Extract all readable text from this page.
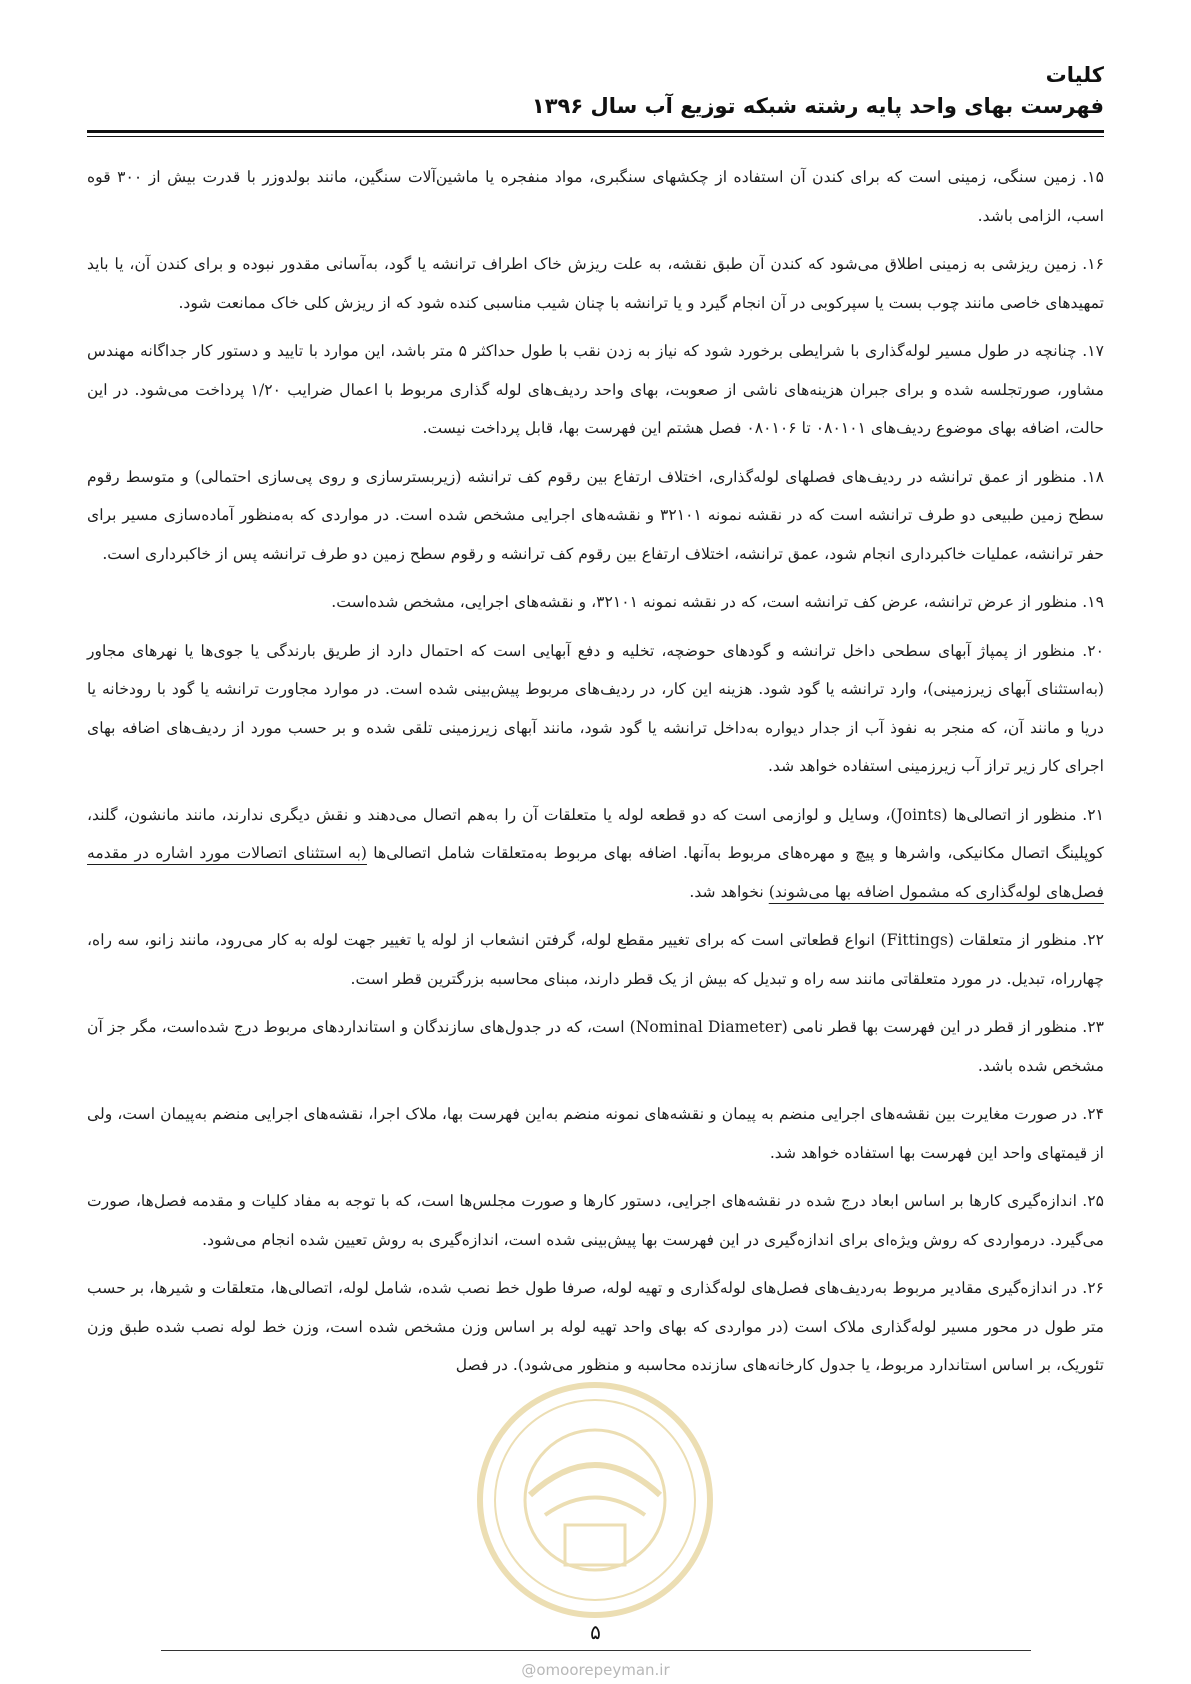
کلیات
فهرست بهای واحد پایه رشته شبکه توزیع آب سال ۱۳۹۶

۱۵. زمین سنگی، زمینی است که برای کندن آن استفاده از چکشهای سنگبری، مواد منفجره یا ماشین‌آلات سنگین، مانند بولدوزر با قدرت بیش از ۳۰۰ قوه اسب، الزامی باشد.

۱۶. زمین ریزشی به زمینی اطلاق می‌شود که کندن آن طبق نقشه، به علت ریزش خاک اطراف ترانشه یا گود، به‌آسانی مقدور نبوده و برای کندن آن، یا باید تمهیدهای خاصی مانند چوب بست یا سپرکوبی در آن انجام گیرد و یا ترانشه با چنان شیب مناسبی کنده شود که از ریزش کلی خاک ممانعت شود.

۱۷. چنانچه در طول مسیر لوله‌گذاری با شرایطی برخورد شود که نیاز به زدن نقب با طول حداکثر ۵ متر باشد، این موارد با تایید و دستور کار جداگانه مهندس مشاور، صورتجلسه شده و برای جبران هزینه‌های ناشی از صعوبت، بهای واحد ردیف‌های لوله گذاری مربوط با اعمال ضرایب ۱/۲۰ پرداخت می‌شود. در این حالت، اضافه بهای موضوع ردیف‌های ۰۸۰۱۰۱ تا ۰۸۰۱۰۶ فصل هشتم این فهرست بها، قابل پرداخت نیست.

۱۸. منظور از عمق ترانشه در ردیف‌های فصلهای لوله‌گذاری، اختلاف ارتفاع بین رقوم کف ترانشه (زیربسترسازی و روی پی‌سازی احتمالی) و متوسط رقوم سطح زمین طبیعی دو طرف ترانشه است که در نقشه نمونه ۳۲۱۰۱ و نقشه‌های اجرایی مشخص شده است. در مواردی که به‌منظور آماده‌سازی مسیر برای حفر ترانشه، عملیات خاکبرداری انجام شود، عمق ترانشه، اختلاف ارتفاع بین رقوم کف ترانشه و رقوم سطح زمین دو طرف ترانشه پس از خاکبرداری است.

۱۹. منظور از عرض ترانشه، عرض کف ترانشه است، که در نقشه نمونه ۳۲۱۰۱، و نقشه‌های اجرایی، مشخص شده‌است.

۲۰. منظور از پمپاژ آبهای سطحی داخل ترانشه و گودهای حوضچه، تخلیه و دفع آبهایی است که احتمال دارد از طریق بارندگی یا جوی‌ها یا نهرهای مجاور (به‌استثنای آبهای زیرزمینی)، وارد ترانشه یا گود شود. هزینه این کار، در ردیف‌های مربوط پیش‌بینی شده است. در موارد مجاورت ترانشه یا گود با رودخانه یا دریا و مانند آن، که منجر به نفوذ آب از جدار دیواره به‌داخل ترانشه یا گود شود، مانند آبهای زیرزمینی تلقی شده و بر حسب مورد از ردیف‌های اضافه بهای اجرای کار زیر تراز آب زیرزمینی استفاده خواهد شد.

۲۱. منظور از اتصالی‌ها (Joints)، وسایل و لوازمی است که دو قطعه لوله یا متعلقات آن را به‌هم اتصال می‌دهند و نقش دیگری ندارند، مانند مانشون، گلند، کوپلینگ اتصال مکانیکی، واشرها و پیچ و مهره‌های مربوط به‌آنها. اضافه بهای مربوط به‌متعلقات شامل اتصالی‌ها (به استثنای اتصالات مورد اشاره در مقدمه فصل‌های لوله‌گذاری که مشمول اضافه بها می‌شوند) نخواهد شد.

۲۲. منظور از متعلقات (Fittings) انواع قطعاتی است که برای تغییر مقطع لوله، گرفتن انشعاب از لوله یا تغییر جهت لوله به کار می‌رود، مانند زانو، سه راه، چهارراه، تبدیل. در مورد متعلقاتی مانند سه راه و تبدیل که بیش از یک قطر دارند، مبنای محاسبه بزرگترین قطر است.

۲۳. منظور از قطر در این فهرست بها قطر نامی (Nominal Diameter) است، که در جدول‌های سازندگان و استانداردهای مربوط درج شده‌است، مگر جز آن مشخص شده باشد.

۲۴. در صورت مغایرت بین نقشه‌های اجرایی منضم به پیمان و نقشه‌های نمونه منضم به‌این فهرست بها، ملاک اجرا، نقشه‌های اجرایی منضم به‌پیمان است، ولی از قیمتهای واحد این فهرست بها استفاده خواهد شد.

۲۵. اندازه‌گیری کارها بر اساس ابعاد درج شده در نقشه‌های اجرایی، دستور کارها و صورت مجلس‌ها است، که با توجه به مفاد کلیات و مقدمه فصل‌ها، صورت می‌گیرد. درمواردی که روش ویژه‌ای برای اندازه‌گیری در این فهرست بها پیش‌بینی شده است، اندازه‌گیری به روش تعیین شده انجام می‌شود.

۲۶. در اندازه‌گیری مقادیر مربوط به‌ردیف‌های فصل‌های لوله‌گذاری و تهیه لوله، صرفا طول خط نصب شده، شامل لوله، اتصالی‌ها، متعلقات و شیرها، بر حسب متر طول در محور مسیر لوله‌گذاری ملاک است (در مواردی که بهای واحد تهیه لوله بر اساس وزن مشخص شده است، وزن خط لوله نصب شده طبق وزن تئوریک، بر اساس استاندارد مربوط، یا جدول کارخانه‌های سازنده محاسبه و منظور می‌شود). در فصل

۵
@omoorepeyman.ir
